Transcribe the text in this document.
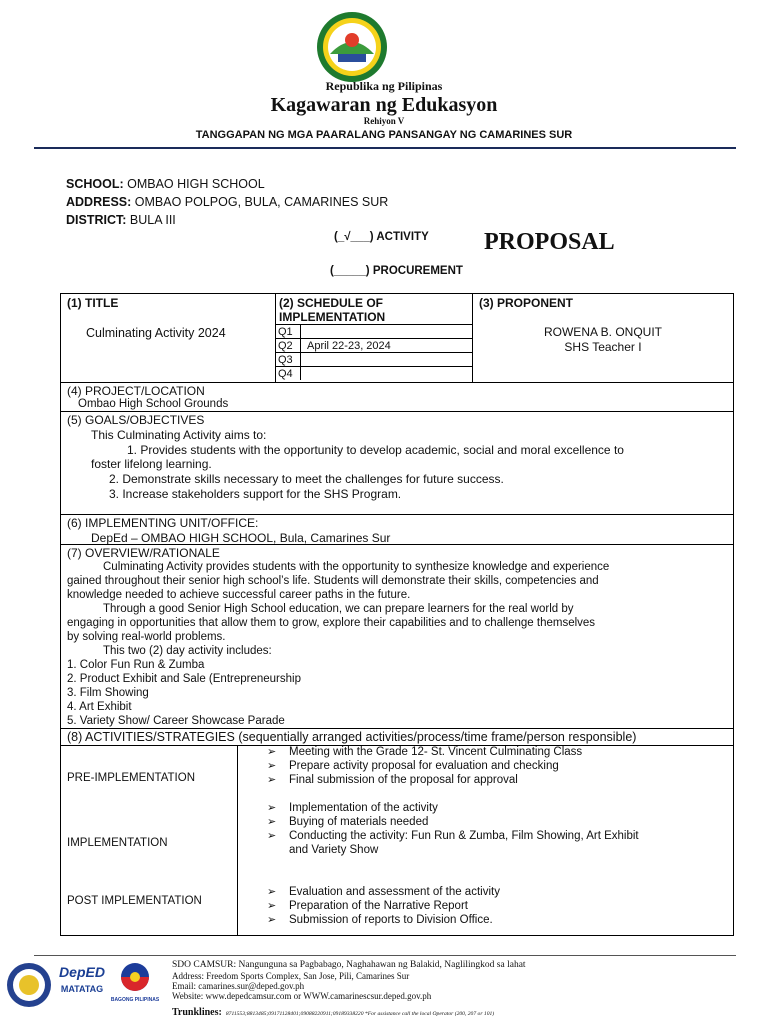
Republika ng Pilipinas
Kagawaran ng Edukasyon
Rehiyon V
TANGGAPAN NG MGA PAARALANG PANSANGAY NG CAMARINES SUR
SCHOOL: OMBAO HIGH SCHOOL
ADDRESS: OMBAO POLPOG, BULA, CAMARINES SUR
DISTRICT: BULA III
(_√___) ACTIVITY PROPOSAL
(_____) PROCUREMENT
(1) TITLE
Culminating Activity 2024
(2) SCHEDULE OF IMPLEMENTATION
Q1	
Q2	April 22-23, 2024
Q3	
Q4	
(3) PROPONENT
ROWENA B. ONQUIT
SHS Teacher I
(4) PROJECT/LOCATION
Ombao High School Grounds
(5) GOALS/OBJECTIVES
This Culminating Activity aims to:
1. Provides students with the opportunity to develop academic, social and moral excellence to
foster lifelong learning.
2. Demonstrate skills necessary to meet the challenges for future success.
3. Increase stakeholders support for the SHS Program.
(6) IMPLEMENTING UNIT/OFFICE:
DepEd – OMBAO HIGH SCHOOL, Bula, Camarines Sur
(7) OVERVIEW/RATIONALE
Culminating Activity provides students with the opportunity to synthesize knowledge and experience
gained throughout their senior high school’s life. Students will demonstrate their skills, competencies and
knowledge needed to achieve successful career paths in the future.
Through a good Senior High School education, we can prepare learners for the real world by
engaging in opportunities that allow them to grow, explore their capabilities and to challenge themselves
by solving real-world problems.
This two (2) day activity includes:
1. Color Fun Run & Zumba
2. Product Exhibit and Sale (Entrepreneurship
3. Film Showing
4. Art Exhibit
5. Variety Show/ Career Showcase Parade
(8) ACTIVITIES/STRATEGIES (sequentially arranged activities/process/time frame/person responsible)
PRE-IMPLEMENTATION
➢ Meeting with the Grade 12- St. Vincent Culminating Class
➢ Prepare activity proposal for evaluation and checking
➢ Final submission of the proposal for approval
IMPLEMENTATION
➢ Implementation of the activity
➢ Buying of materials needed
➢ Conducting the activity: Fun Run & Zumba, Film Showing, Art Exhibit and Variety Show
POST IMPLEMENTATION
➢ Evaluation and assessment of the activity
➢ Preparation of the Narrative Report
➢ Submission of reports to Division Office.
DepED
MATATAG
BAGONG PILIPINAS
SDO CAMSUR: Nangunguna sa Pagbabago, Naghahawan ng Balakid, Naglilingkod sa lahat
Address: Freedom Sports Complex, San Jose, Pili, Camarines Sur
Email: camarines.sur@deped.gov.ph
Website: www.depedcamsur.com or WWW.camarinescsur.deped.gov.ph
Trunklines: 8711553;8813485;09171128401;09088220911;09189338220 *For assistance call the local Operator (200, 207 or 101)
